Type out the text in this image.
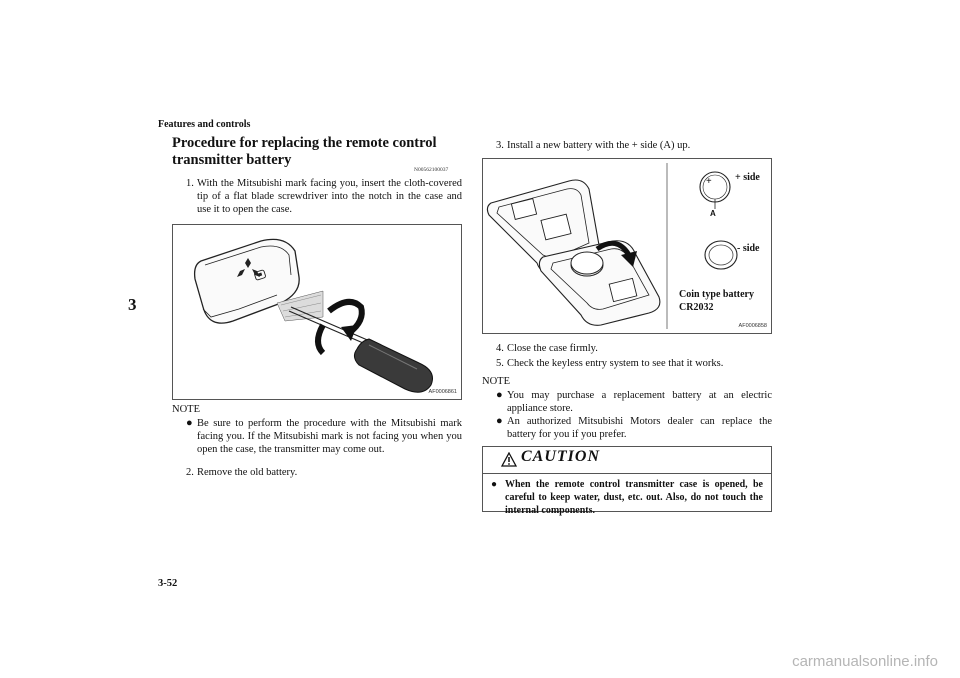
Features and controls
3
3-52
carmanualsonline.info
Procedure for replacing the remote control transmitter battery
N00562100037
1. With the Mitsubishi mark facing you, insert the cloth-covered tip of a flat blade screwdriver into the notch in the case and use it to open the case.
AF0006861
NOTE
● Be sure to perform the procedure with the Mitsubishi mark facing you. If the Mitsubishi mark is not facing you when you open the case, the transmitter may come out.
2. Remove the old battery.
3. Install a new battery with the + side (A) up.
+ + side
A
- side
Coin type battery
CR2032
AF0006858
4. Close the case firmly.
5. Check the keyless entry system to see that it works.
NOTE
● You may purchase a replacement battery at an electric appliance store.
● An authorized Mitsubishi Motors dealer can replace the battery for you if you prefer.
CAUTION
● When the remote control transmitter case is opened, be careful to keep water, dust, etc. out. Also, do not touch the internal components.
